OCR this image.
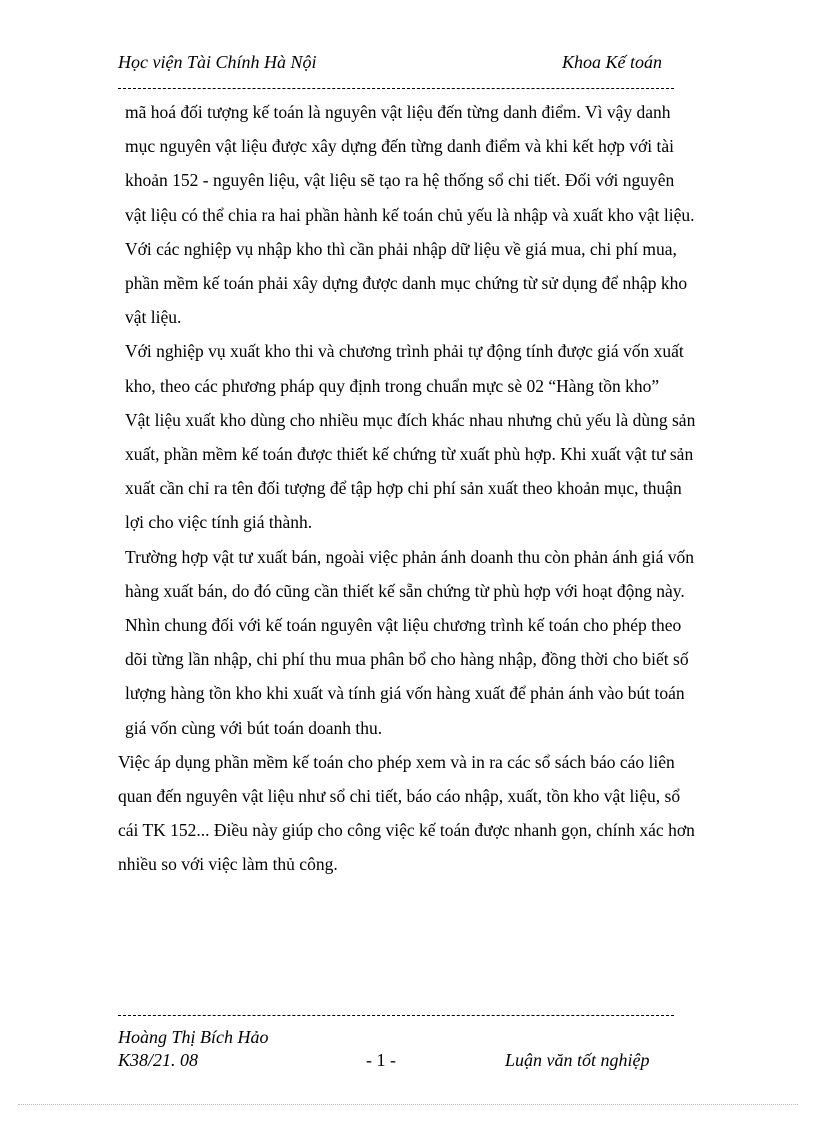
Học viện Tài Chính Hà Nội	Khoa Kế toán

mã hoá đối tượng kế toán là nguyên vật liệu đến từng danh điểm. Vì vậy danh mục nguyên vật liệu được xây dựng đến từng danh điểm và khi kết hợp với tài khoản 152 - nguyên liệu, vật liệu sẽ tạo ra hệ thống sổ chi tiết. Đối với nguyên vật liệu có thể chia ra hai phần hành kế toán chủ yếu là nhập và xuất kho vật liệu.

Với các nghiệp vụ nhập kho thì cần phải nhập dữ liệu về giá mua, chi phí mua, phần mềm kế toán phải xây dựng được danh mục chứng từ sử dụng để nhập kho vật liệu.

Với nghiệp vụ xuất kho thi và chương trình phải tự động tính được giá vốn xuất kho, theo các phương pháp quy định trong chuẩn mực sè 02 “Hàng tồn kho”

Vật liệu xuất kho dùng cho nhiều mục đích khác nhau nhưng chủ yếu là dùng sản xuất, phần mềm kế toán được thiết kế chứng từ xuất phù hợp. Khi xuất vật tư sản xuất cần chỉ ra tên đối tượng để tập hợp chi phí sản xuất theo khoản mục, thuận lợi cho việc tính giá thành.

Trường hợp vật tư xuất bán, ngoài việc phản ánh doanh thu còn phản ánh giá vốn hàng xuất bán, do đó cũng cần thiết kế sẵn chứng từ phù hợp với hoạt động này.

Nhìn chung đối với kế toán nguyên vật liệu chương trình kế toán cho phép theo dõi từng lần nhập, chi phí thu mua phân bổ cho hàng nhập, đồng thời cho biết số lượng hàng tồn kho khi xuất và tính giá vốn hàng xuất để phản ánh vào bút toán giá vốn cùng với bút toán doanh thu.

Việc áp dụng phần mềm kế toán cho phép xem và in ra các sổ sách báo cáo liên quan đến nguyên vật liệu như sổ chi tiết, báo cáo nhập, xuất, tồn kho vật liệu, sổ cái TK 152... Điều này giúp cho công việc kế toán được nhanh gọn, chính xác hơn nhiều so với việc làm thủ công.

Hoàng Thị Bích Hảo
K38/21. 08	- 1 -	Luận văn tốt nghiệp
